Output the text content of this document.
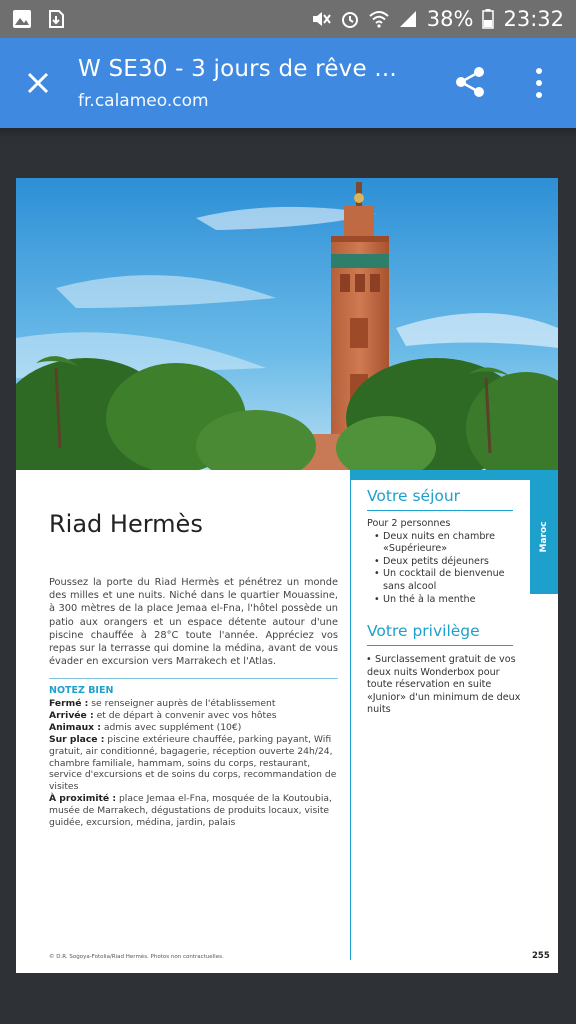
38% 23:32
W SE30 - 3 jours de rêve ...
fr.calameo.com
Riad Hermès

Poussez la porte du Riad Hermès et pénétrez un monde des milles et une nuits. Niché dans le quartier Mouassine, à 300 mètres de la place Jemaa el-Fna, l'hôtel possède un patio aux orangers et un espace détente autour d'une piscine chauffée à 28°C toute l'année. Appréciez vos repas sur la terrasse qui domine la médina, avant de vous évader en excursion vers Marrakech et l'Atlas.

NOTEZ BIEN
Fermé : se renseigner auprès de l'établissement
Arrivée : et de départ à convenir avec vos hôtes
Animaux : admis avec supplément (10€)
Sur place : piscine extérieure chauffée, parking payant, Wifi gratuit, air conditionné, bagagerie, réception ouverte 24h/24, chambre familiale, hammam, soins du corps, restaurant, service d'excursions et de soins du corps, recommandation de visites
À proximité : place Jemaa el-Fna, mosquée de la Koutoubia, musée de Marrakech, dégustations de produits locaux, visite guidée, excursion, médina, jardin, palais
Votre séjour
Pour 2 personnes
• Deux nuits en chambre «Supérieure»
• Deux petits déjeuners
• Un cocktail de bienvenue sans alcool
• Un thé à la menthe
Votre privilège
• Surclassement gratuit de vos deux nuits Wonderbox pour toute réservation en suite «Junior» d'un minimum de deux nuits
Maroc
© D.R. Sogoya-Fotolia/Riad Hermès. Photos non contractuelles.	255
